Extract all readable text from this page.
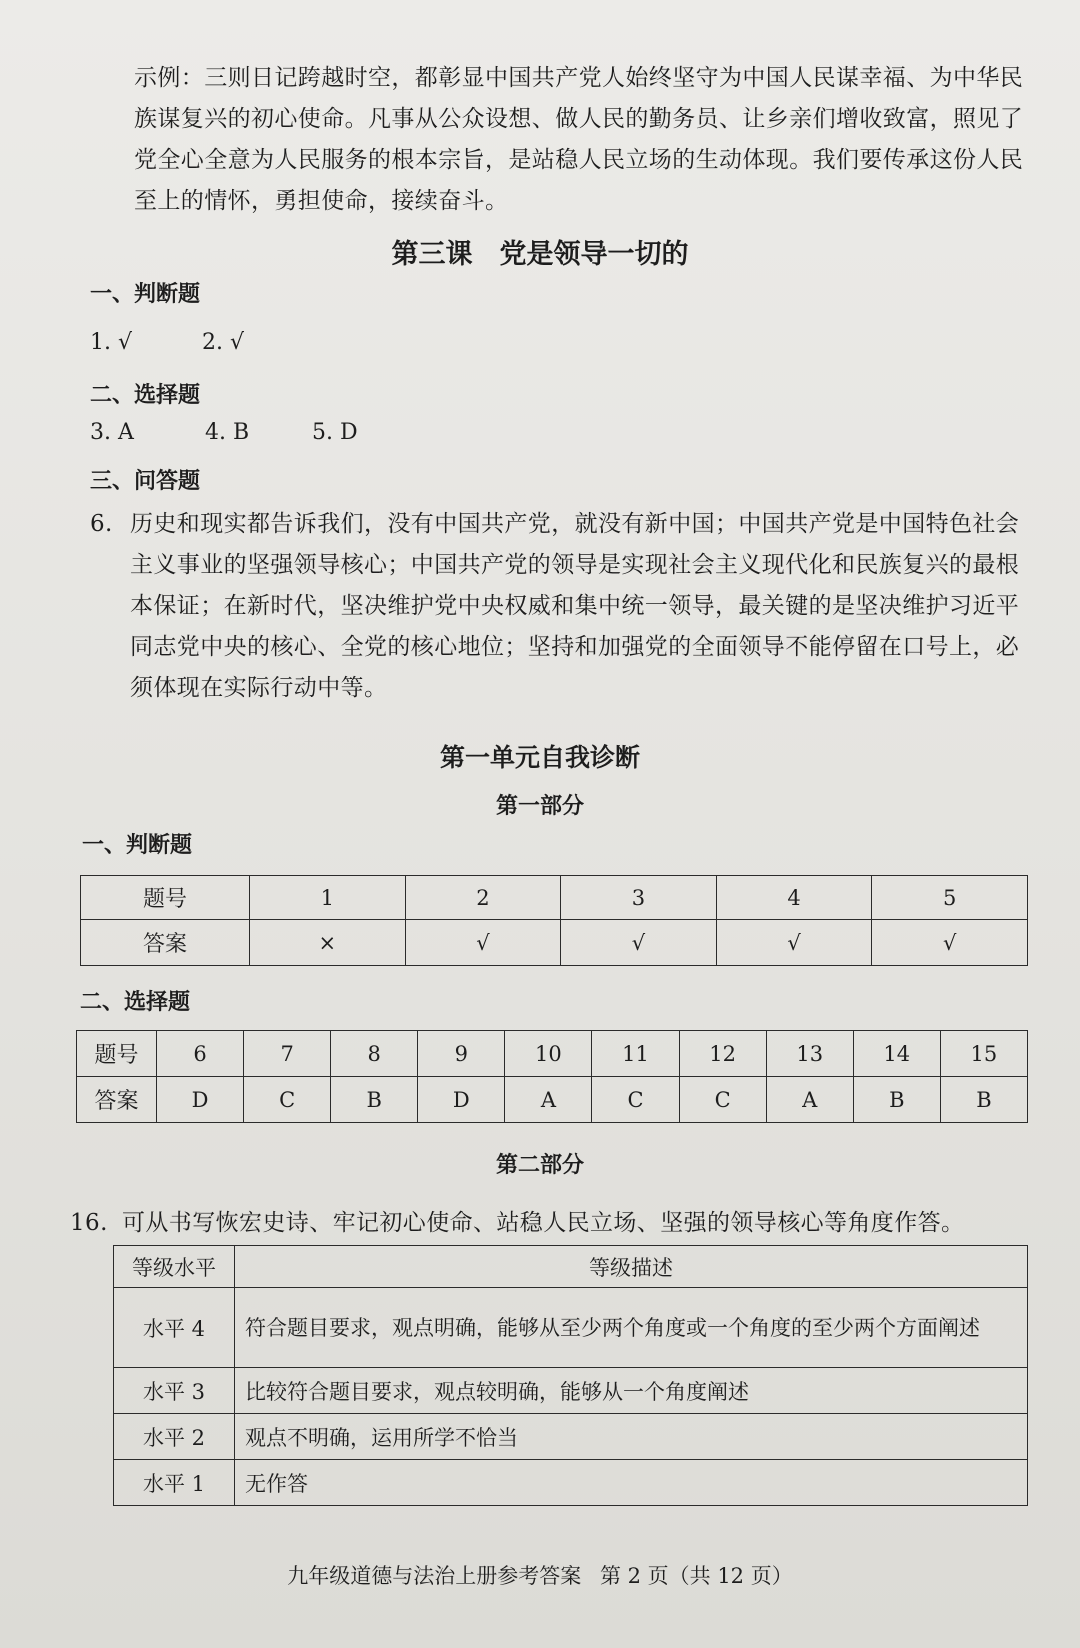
示例：三则日记跨越时空，都彰显中国共产党人始终坚守为中国人民谋幸福、为中华民族谋复兴的初心使命。凡事从公众设想、做人民的勤务员、让乡亲们增收致富，照见了党全心全意为人民服务的根本宗旨，是站稳人民立场的生动体现。我们要传承这份人民至上的情怀，勇担使命，接续奋斗。
第三课　党是领导一切的
一、判断题
1. √	2. √
二、选择题
3. A	4. B	5. D
三、问答题
6. 历史和现实都告诉我们，没有中国共产党，就没有新中国；中国共产党是中国特色社会主义事业的坚强领导核心；中国共产党的领导是实现社会主义现代化和民族复兴的最根本保证；在新时代，坚决维护党中央权威和集中统一领导，最关键的是坚决维护习近平同志党中央的核心、全党的核心地位；坚持和加强党的全面领导不能停留在口号上，必须体现在实际行动中等。
第一单元自我诊断
第一部分
一、判断题
题号	1	2	3	4	5
答案	×	√	√	√	√
二、选择题
题号	6	7	8	9	10	11	12	13	14	15
答案	D	C	B	D	A	C	C	A	B	B
第二部分
16. 可从书写恢宏史诗、牢记初心使命、站稳人民立场、坚强的领导核心等角度作答。
等级水平	等级描述
水平 4	符合题目要求，观点明确，能够从至少两个角度或一个角度的至少两个方面阐述
水平 3	比较符合题目要求，观点较明确，能够从一个角度阐述
水平 2	观点不明确，运用所学不恰当
水平 1	无作答
九年级道德与法治上册参考答案 第 2 页（共 12 页）
